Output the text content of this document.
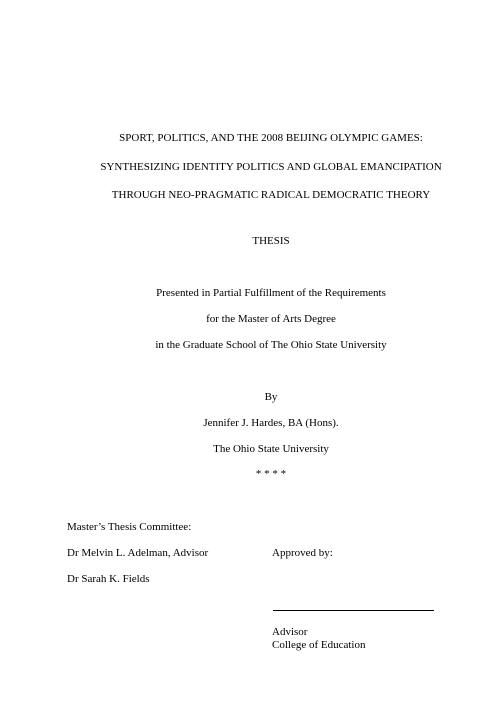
SPORT, POLITICS, AND THE 2008 BEIJING OLYMPIC GAMES:
SYNTHESIZING IDENTITY POLITICS AND GLOBAL EMANCIPATION
THROUGH NEO-PRAGMATIC RADICAL DEMOCRATIC THEORY
THESIS
Presented in Partial Fulfillment of the Requirements
for the Master of Arts Degree
in the Graduate School of The Ohio State University
By
Jennifer J. Hardes, BA (Hons).
The Ohio State University
* * * *
Master’s Thesis Committee:
Dr Melvin L. Adelman, Advisor
Dr Sarah K. Fields
Approved by:
Advisor
College of Education
